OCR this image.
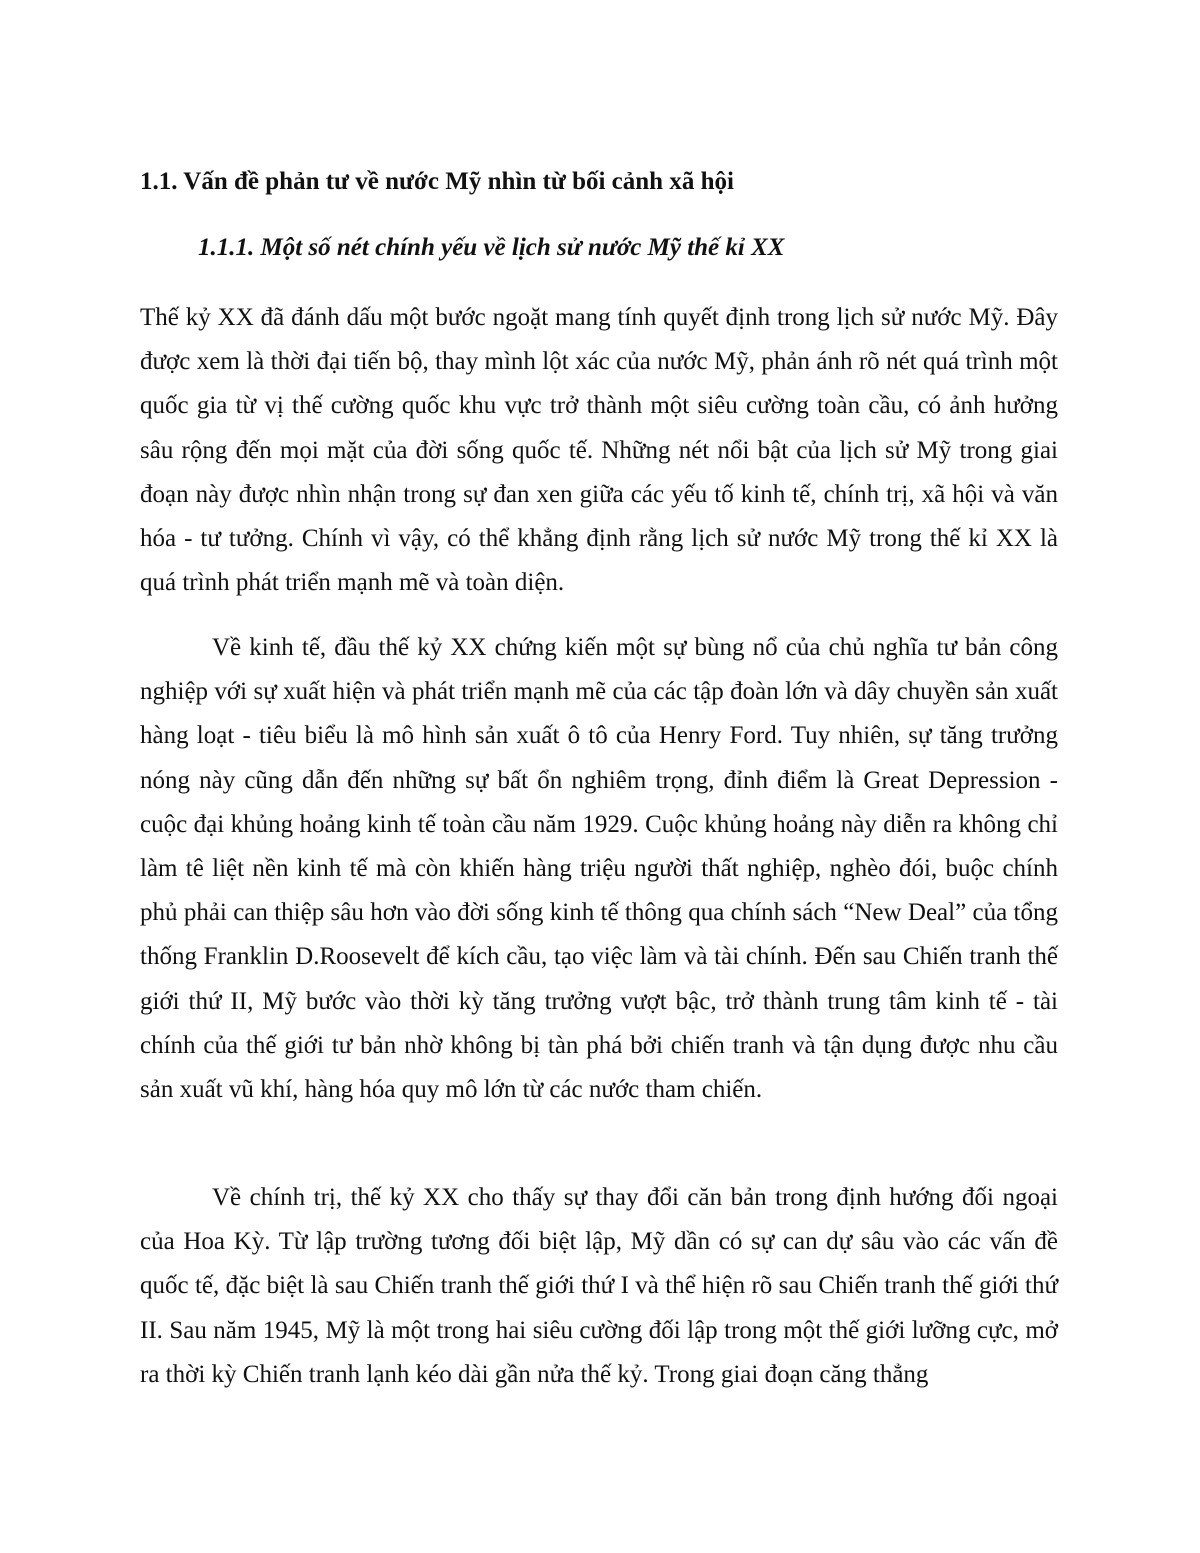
1.1. Vấn đề phản tư về nước Mỹ nhìn từ bối cảnh xã hội
1.1.1. Một số nét chính yếu về lịch sử nước Mỹ thế kỉ XX

Thế kỷ XX đã đánh dấu một bước ngoặt mang tính quyết định trong lịch sử nước Mỹ. Đây được xem là thời đại tiến bộ, thay mình lột xác của nước Mỹ, phản ánh rõ nét quá trình một quốc gia từ vị thế cường quốc khu vực trở thành một siêu cường toàn cầu, có ảnh hưởng sâu rộng đến mọi mặt của đời sống quốc tế. Những nét nổi bật của lịch sử Mỹ trong giai đoạn này được nhìn nhận trong sự đan xen giữa các yếu tố kinh tế, chính trị, xã hội và văn hóa - tư tưởng. Chính vì vậy, có thể khẳng định rằng lịch sử nước Mỹ trong thế kỉ XX là quá trình phát triển mạnh mẽ và toàn diện.

Về kinh tế, đầu thế kỷ XX chứng kiến một sự bùng nổ của chủ nghĩa tư bản công nghiệp với sự xuất hiện và phát triển mạnh mẽ của các tập đoàn lớn và dây chuyền sản xuất hàng loạt - tiêu biểu là mô hình sản xuất ô tô của Henry Ford. Tuy nhiên, sự tăng trưởng nóng này cũng dẫn đến những sự bất ổn nghiêm trọng, đỉnh điểm là Great Depression - cuộc đại khủng hoảng kinh tế toàn cầu năm 1929. Cuộc khủng hoảng này diễn ra không chỉ làm tê liệt nền kinh tế mà còn khiến hàng triệu người thất nghiệp, nghèo đói, buộc chính phủ phải can thiệp sâu hơn vào đời sống kinh tế thông qua chính sách “New Deal” của tổng thống Franklin D.Roosevelt để kích cầu, tạo việc làm và tài chính. Đến sau Chiến tranh thế giới thứ II, Mỹ bước vào thời kỳ tăng trưởng vượt bậc, trở thành trung tâm kinh tế - tài chính của thế giới tư bản nhờ không bị tàn phá bởi chiến tranh và tận dụng được nhu cầu sản xuất vũ khí, hàng hóa quy mô lớn từ các nước tham chiến.

Về chính trị, thế kỷ XX cho thấy sự thay đổi căn bản trong định hướng đối ngoại của Hoa Kỳ. Từ lập trường tương đối biệt lập, Mỹ dần có sự can dự sâu vào các vấn đề quốc tế, đặc biệt là sau Chiến tranh thế giới thứ I và thể hiện rõ sau Chiến tranh thế giới thứ II. Sau năm 1945, Mỹ là một trong hai siêu cường đối lập trong một thế giới lưỡng cực, mở ra thời kỳ Chiến tranh lạnh kéo dài gần nửa thế kỷ. Trong giai đoạn căng thẳng
